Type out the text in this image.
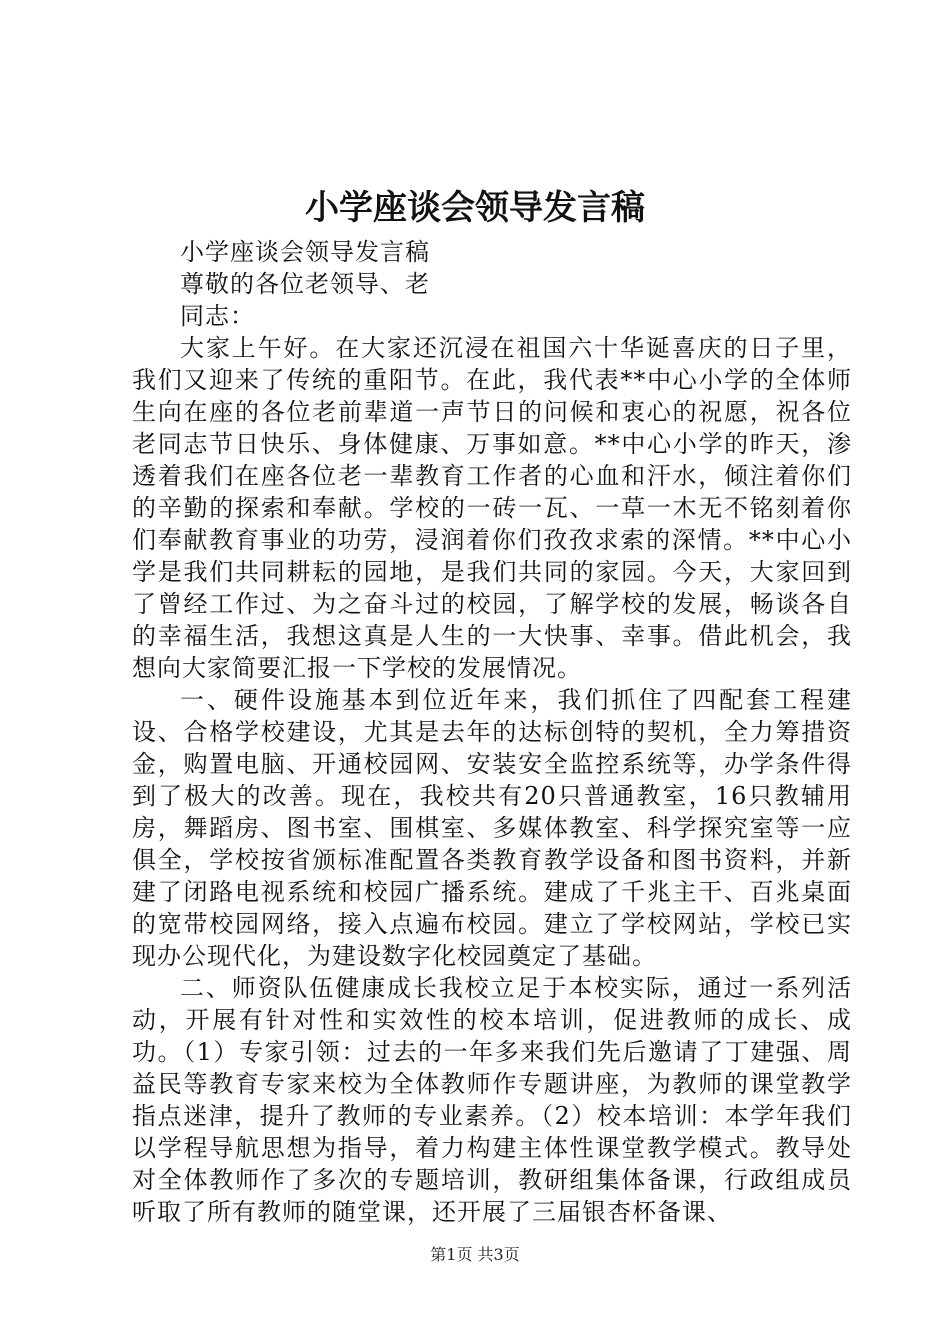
小学座谈会领导发言稿

小学座谈会领导发言稿

尊敬的各位老领导、老

同志：

大家上午好。在大家还沉浸在祖国六十华诞喜庆的日子里，我们又迎来了传统的重阳节。在此，我代表**中心小学的全体师生向在座的各位老前辈道一声节日的问候和衷心的祝愿，祝各位老同志节日快乐、身体健康、万事如意。**中心小学的昨天，渗透着我们在座各位老一辈教育工作者的心血和汗水，倾注着你们的辛勤的探索和奉献。学校的一砖一瓦、一草一木无不铭刻着你们奉献教育事业的功劳，浸润着你们孜孜求索的深情。**中心小学是我们共同耕耘的园地，是我们共同的家园。今天，大家回到了曾经工作过、为之奋斗过的校园，了解学校的发展，畅谈各自的幸福生活，我想这真是人生的一大快事、幸事。借此机会，我想向大家简要汇报一下学校的发展情况。

一、硬件设施基本到位近年来，我们抓住了四配套工程建设、合格学校建设，尤其是去年的达标创特的契机，全力筹措资金，购置电脑、开通校园网、安装安全监控系统等，办学条件得到了极大的改善。现在，我校共有20只普通教室，16只教辅用房，舞蹈房、图书室、围棋室、多媒体教室、科学探究室等一应俱全，学校按省颁标准配置各类教育教学设备和图书资料，并新建了闭路电视系统和校园广播系统。建成了千兆主干、百兆桌面的宽带校园网络，接入点遍布校园。建立了学校网站，学校已实现办公现代化，为建设数字化校园奠定了基础。

二、师资队伍健康成长我校立足于本校实际，通过一系列活动，开展有针对性和实效性的校本培训，促进教师的成长、成功。（1）专家引领：过去的一年多来我们先后邀请了丁建强、周益民等教育专家来校为全体教师作专题讲座，为教师的课堂教学指点迷津，提升了教师的专业素养。（2）校本培训：本学年我们以学程导航思想为指导，着力构建主体性课堂教学模式。教导处对全体教师作了多次的专题培训，教研组集体备课，行政组成员听取了所有教师的随堂课，还开展了三届银杏杯备课、

第1页 共3页
